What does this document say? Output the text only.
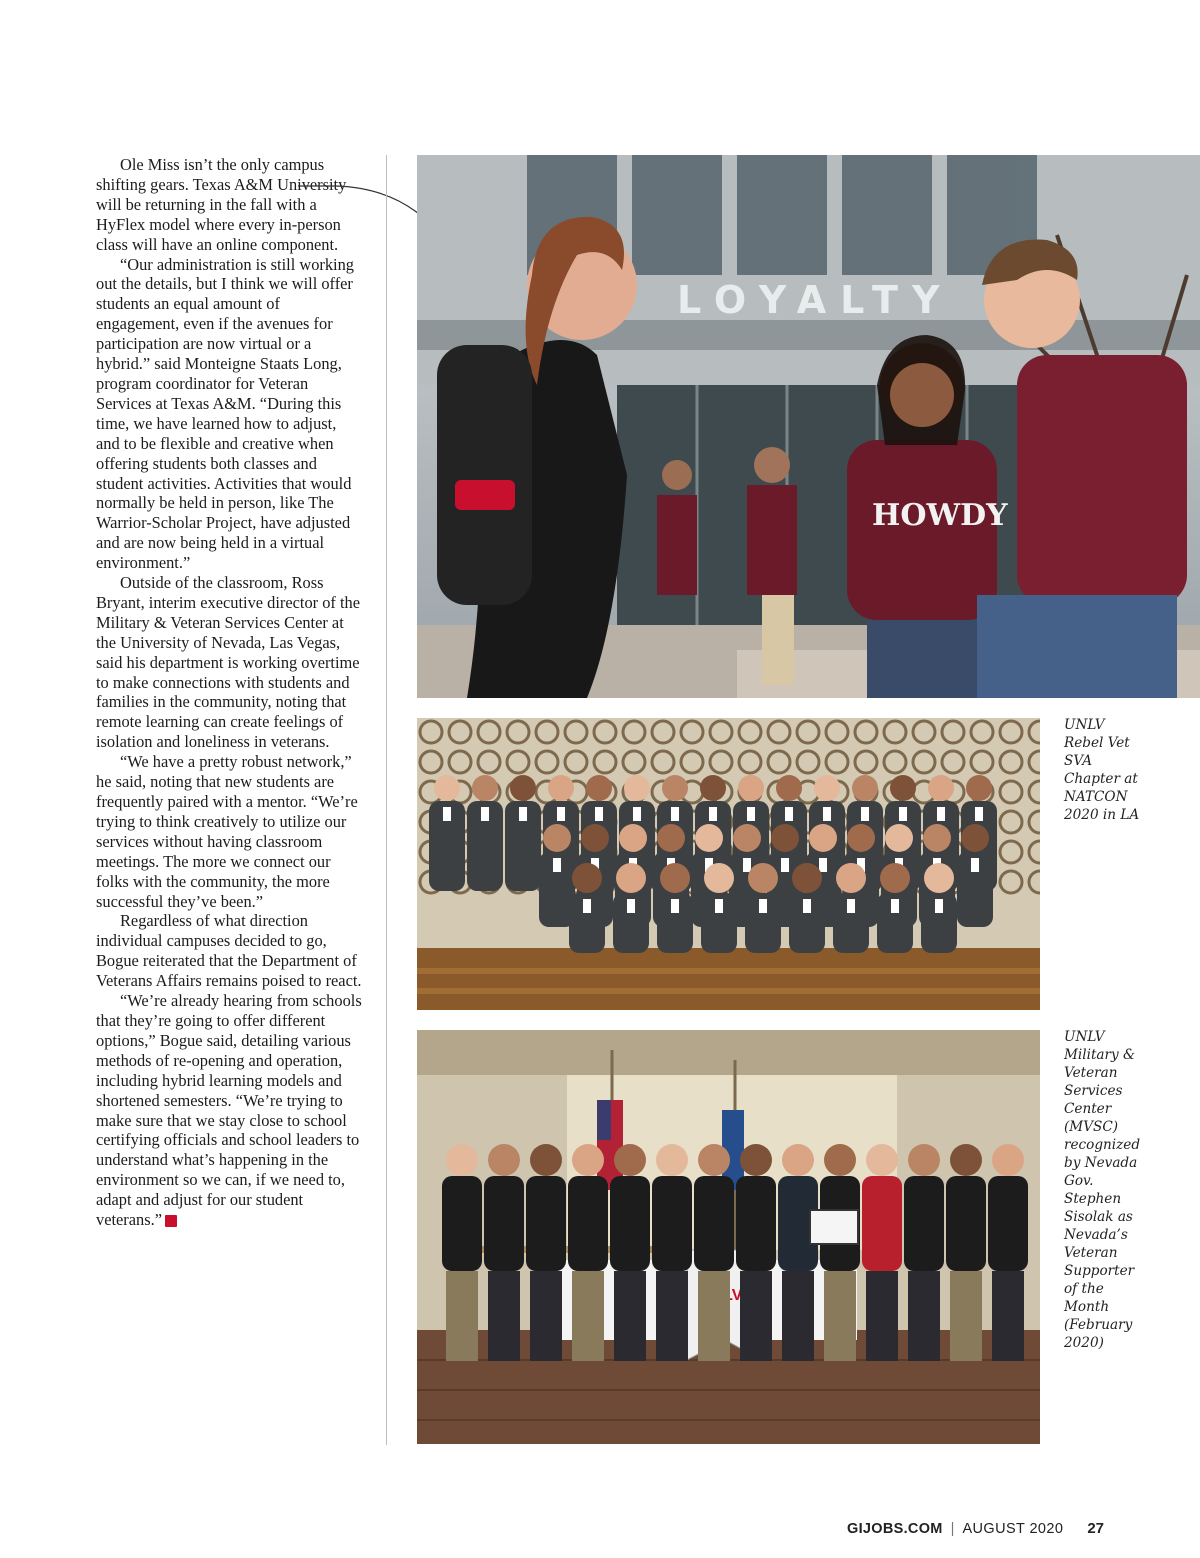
Ole Miss isn’t the only campus shifting gears. Texas A&M University will be returning in the fall with a HyFlex model where every in-person class will have an online component.

“Our administration is still working out the details, but I think we will offer students an equal amount of engagement, even if the avenues for participation are now virtual or a hybrid.” said Monteigne Staats Long, program coordinator for Veteran Services at Texas A&M. “During this time, we have learned how to adjust, and to be flexible and creative when offering students both classes and student activities. Activities that would normally be held in person, like The Warrior-Scholar Project, have adjusted and are now being held in a virtual environment.”

Outside of the classroom, Ross Bryant, interim executive director of the Military & Veteran Services Center at the University of Nevada, Las Vegas, said his department is working overtime to make connections with students and families in the community, noting that remote learning can create feelings of isolation and loneliness in veterans.

“We have a pretty robust network,” he said, noting that new students are frequently paired with a mentor. “We’re trying to think creatively to utilize our services without having classroom meetings. The more we connect our folks with the community, the more successful they’ve been.”

Regardless of what direction individual campuses decided to go, Bogue reiterated that the Department of Veterans Affairs remains poised to react.

“We’re already hearing from schools that they’re going to offer different options,” Bogue said, detailing various methods of re-opening and operation, including hybrid learning models and shortened semesters. “We’re trying to make sure that we stay close to school certifying officials and school leaders to understand what’s happening in the environment so we can, if we need to, adapt and adjust for our student veterans.”	GI

LOYALTY
HOWDY
UNLV Rebel Vet SVA Chapter at NATCON 2020 in LA
UNLV Military & Veteran Services Center (MVSC) recognized by Nevada Gov. Stephen Sisolak as Nevada’s Veteran Supporter of the Month (February 2020)
GIJOBS.COM | AUGUST 2020 27
